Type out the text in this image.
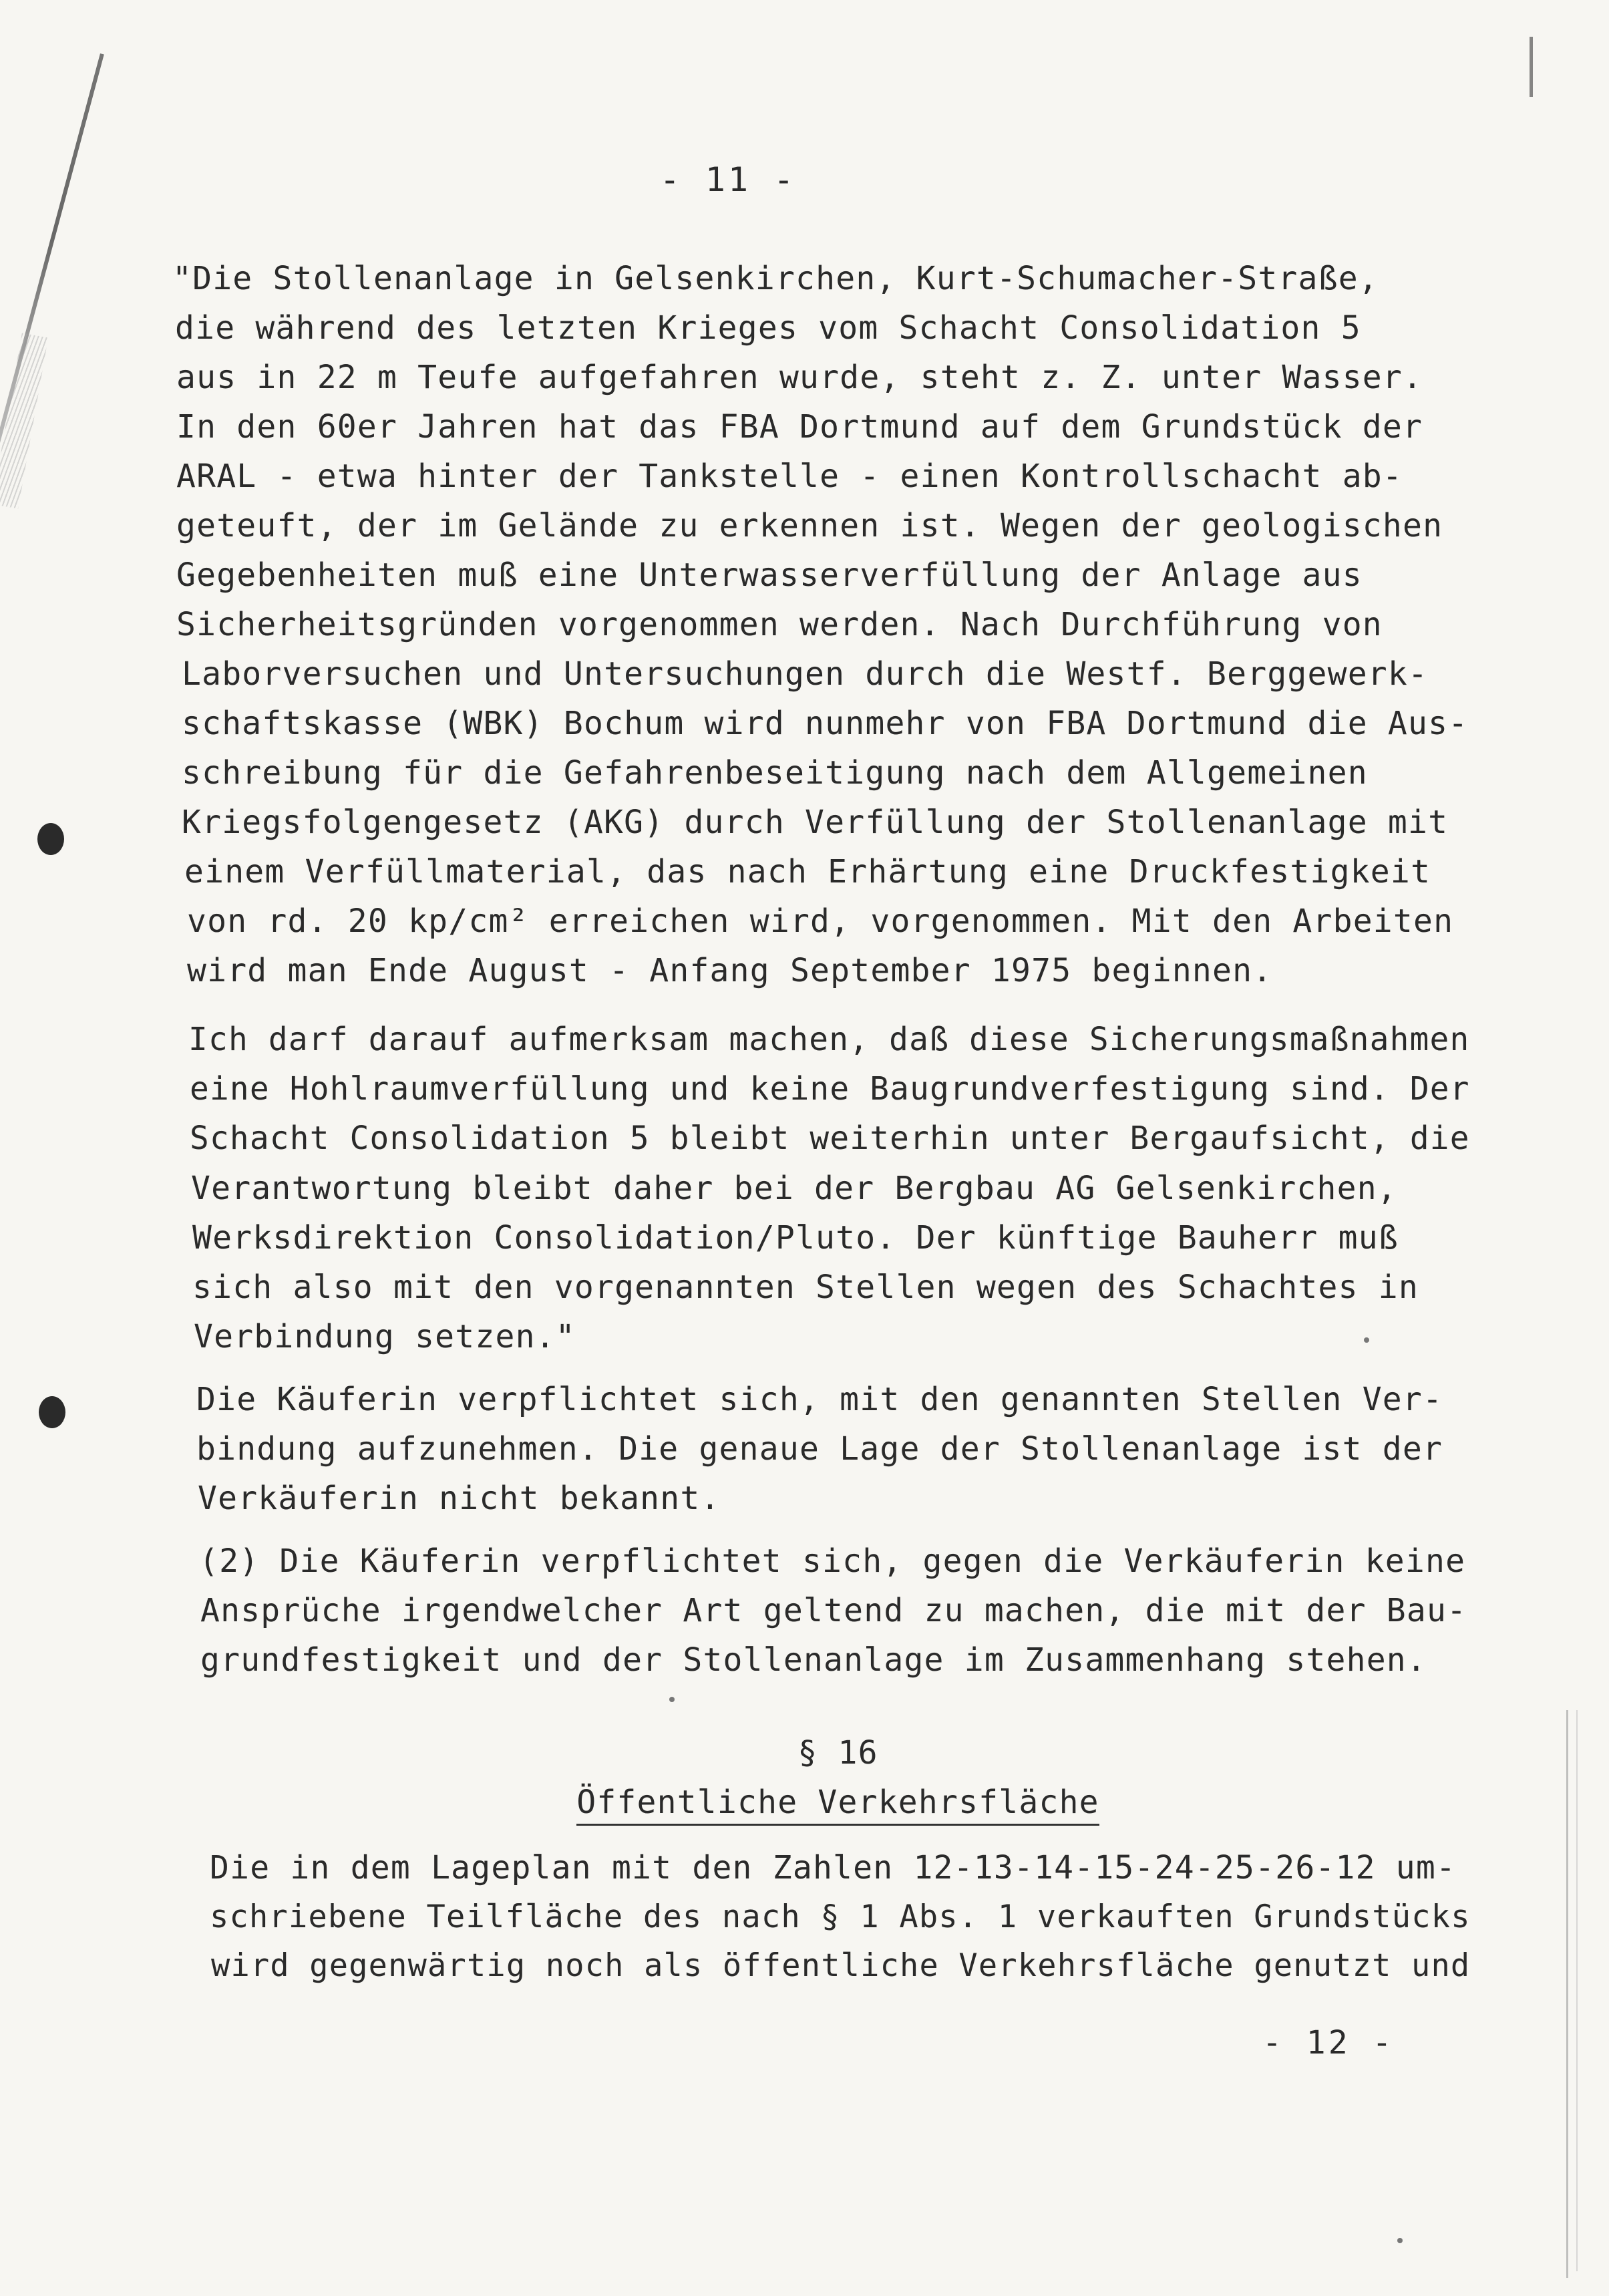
- 11 -
"Die Stollenanlage in Gelsenkirchen, Kurt-Schumacher-Straße,
die während des letzten Krieges vom Schacht Consolidation 5
aus in 22 m Teufe aufgefahren wurde, steht z. Z. unter Wasser.
In den 60er Jahren hat das FBA Dortmund auf dem Grundstück der
ARAL - etwa hinter der Tankstelle - einen Kontrollschacht ab-
geteuft, der im Gelände zu erkennen ist. Wegen der geologischen
Gegebenheiten muß eine Unterwasserverfüllung der Anlage aus
Sicherheitsgründen vorgenommen werden. Nach Durchführung von
Laborversuchen und Untersuchungen durch die Westf. Berggewerk-
schaftskasse (WBK) Bochum wird nunmehr von FBA Dortmund die Aus-
schreibung für die Gefahrenbeseitigung nach dem Allgemeinen
Kriegsfolgengesetz (AKG) durch Verfüllung der Stollenanlage mit
einem Verfüllmaterial, das nach Erhärtung eine Druckfestigkeit
von rd. 20 kp/cm² erreichen wird, vorgenommen. Mit den Arbeiten
wird man Ende August - Anfang September 1975 beginnen.
Ich darf darauf aufmerksam machen, daß diese Sicherungsmaßnahmen
eine Hohlraumverfüllung und keine Baugrundverfestigung sind. Der
Schacht Consolidation 5 bleibt weiterhin unter Bergaufsicht, die
Verantwortung bleibt daher bei der Bergbau AG Gelsenkirchen,
Werksdirektion Consolidation/Pluto. Der künftige Bauherr muß
sich also mit den vorgenannten Stellen wegen des Schachtes in
Verbindung setzen."
Die Käuferin verpflichtet sich, mit den genannten Stellen Ver-
bindung aufzunehmen. Die genaue Lage der Stollenanlage ist der
Verkäuferin nicht bekannt.
(2) Die Käuferin verpflichtet sich, gegen die Verkäuferin keine
Ansprüche irgendwelcher Art geltend zu machen, die mit der Bau-
grundfestigkeit und der Stollenanlage im Zusammenhang stehen.
§ 16
Öffentliche Verkehrsfläche
Die in dem Lageplan mit den Zahlen 12-13-14-15-24-25-26-12 um-
schriebene Teilfläche des nach § 1 Abs. 1 verkauften Grundstücks
wird gegenwärtig noch als öffentliche Verkehrsfläche genutzt und
- 12 -
